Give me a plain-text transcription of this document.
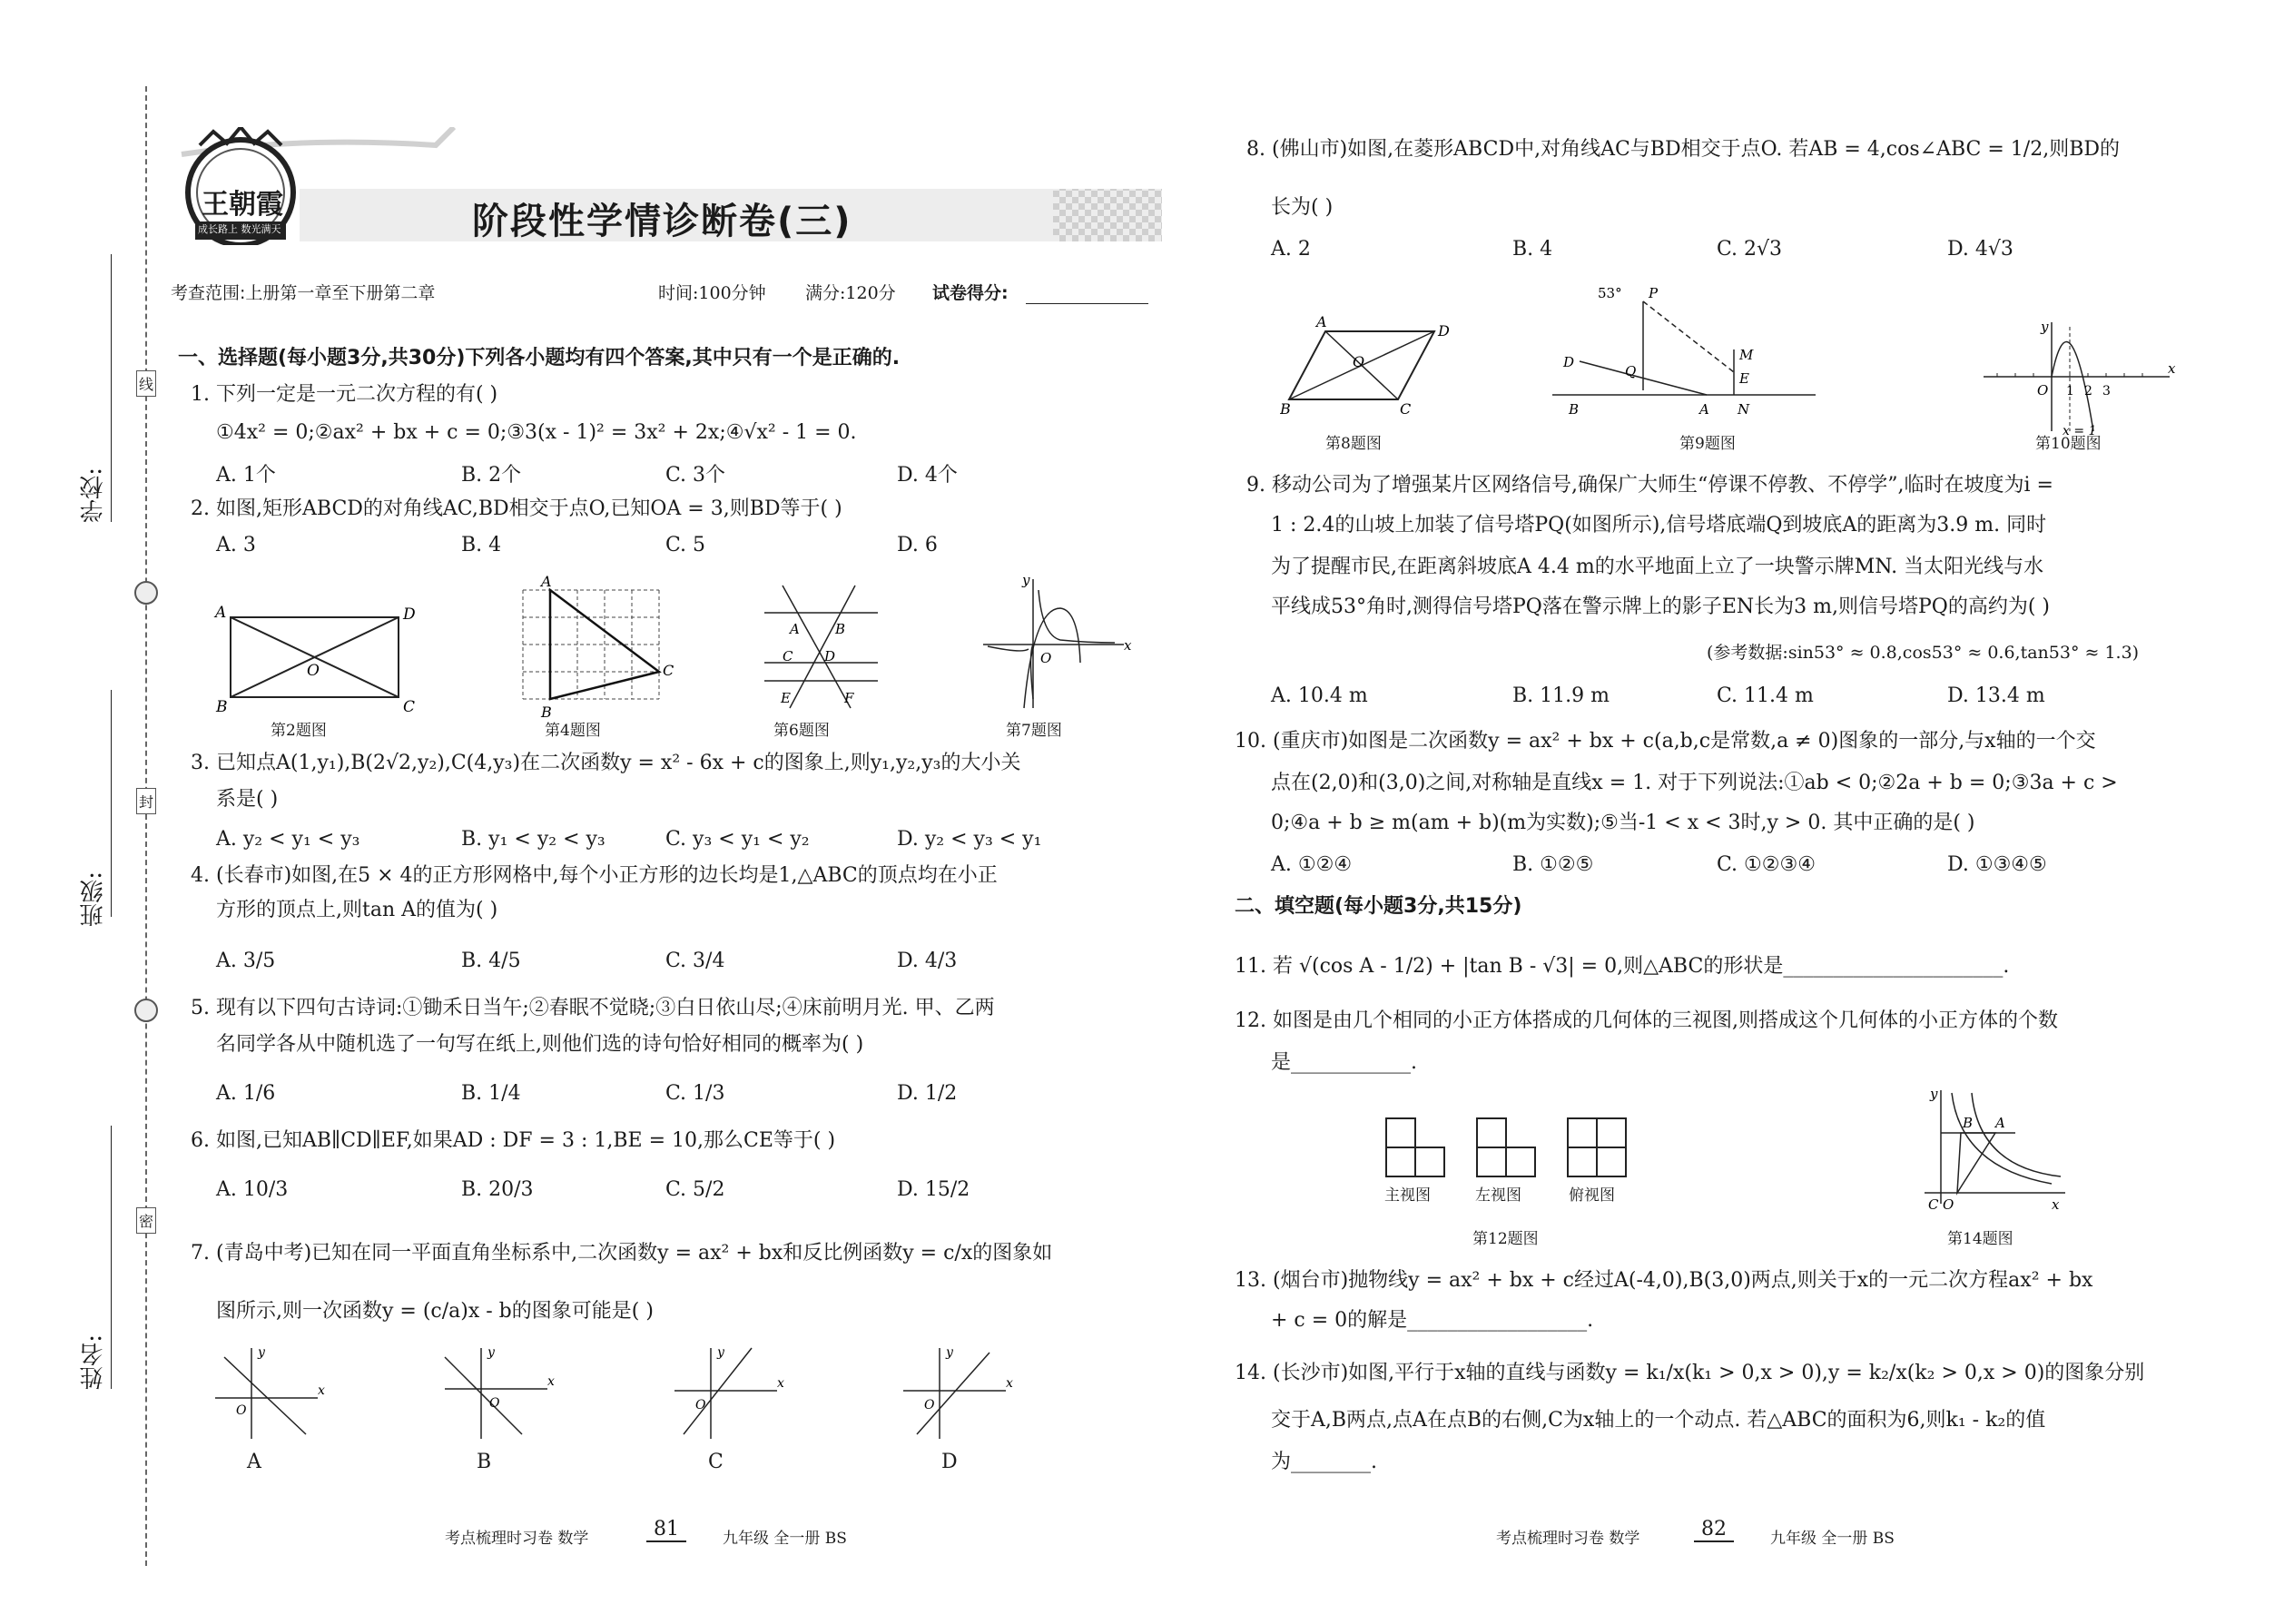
学校:
班级:
姓名:
线
封
密
王朝霞
成长路上 数光满天	阶段性学情诊断卷(三)
考查范围:上册第一章至下册第二章	时间:100分钟 满分:120分 试卷得分:
一、选择题(每小题3分,共30分)下列各小题均有四个答案,其中只有一个是正确的.
1. 下列一定是一元二次方程的有( )
①4x² = 0;②ax² + bx + c = 0;③3(x - 1)² = 3x² + 2x;④√x² - 1 = 0.
A. 1个	B. 2个	C. 3个	D. 4个
2. 如图,矩形ABCD的对角线AC,BD相交于点O,已知OA = 3,则BD等于( )
A. 3	B. 4	C. 5	D. 6
A	D
B	C
O
A
B
C
A	B
C D
E	F
y
x
O
第2题图	第4题图	第6题图	第7题图
3. 已知点A(1,y₁),B(2√2,y₂),C(4,y₃)在二次函数y = x² - 6x + c的图象上,则y₁,y₂,y₃的大小关
系是( )
A. y₂ < y₁ < y₃	B. y₁ < y₂ < y₃	C. y₃ < y₁ < y₂	D. y₂ < y₃ < y₁
4. (长春市)如图,在5 × 4的正方形网格中,每个小正方形的边长均是1,△ABC的顶点均在小正
方形的顶点上,则tan A的值为( )
A. 3/5	B. 4/5	C. 3/4	D. 4/3
5. 现有以下四句古诗词:①锄禾日当午;②春眠不觉晓;③白日依山尽;④床前明月光. 甲、乙两
名同学各从中随机选了一句写在纸上,则他们选的诗句恰好相同的概率为( )
A. 1/6	B. 1/4	C. 1/3	D. 1/2
6. 如图,已知AB∥CD∥EF,如果AD : DF = 3 : 1,BE = 10,那么CE等于( )
A. 10/3	B. 20/3	C. 5/2	D. 15/2
7. (青岛中考)已知在同一平面直角坐标系中,二次函数y = ax² + bx和反比例函数y = c/x的图象如
图所示,则一次函数y = (c/a)x - b的图象可能是( )
y
x
O
y
x
O
y
x
O
y
x
O
A	B	C	D
8. (佛山市)如图,在菱形ABCD中,对角线AC与BD相交于点O. 若AB = 4,cos∠ABC = 1/2,则BD的
长为( )
A. 2	B. 4	C. 2√3	D. 4√3
A
D
O
B	C
53° P
D
Q
M
E
B	A N
y
x
O 1 2 3
x = 1
第8题图	第9题图	第10题图
9. 移动公司为了增强某片区网络信号,确保广大师生“停课不停教、不停学”,临时在坡度为i =
1 : 2.4的山坡上加装了信号塔PQ(如图所示),信号塔底端Q到坡底A的距离为3.9 m. 同时
为了提醒市民,在距离斜坡底A 4.4 m的水平地面上立了一块警示牌MN. 当太阳光线与水
平线成53°角时,测得信号塔PQ落在警示牌上的影子EN长为3 m,则信号塔PQ的高约为( )
(参考数据:sin53° ≈ 0.8,cos53° ≈ 0.6,tan53° ≈ 1.3)
A. 10.4 m	B. 11.9 m	C. 11.4 m	D. 13.4 m
10. (重庆市)如图是二次函数y = ax² + bx + c(a,b,c是常数,a ≠ 0)图象的一部分,与x轴的一个交
点在(2,0)和(3,0)之间,对称轴是直线x = 1. 对于下列说法:①ab < 0;②2a + b = 0;③3a + c >
0;④a + b ≥ m(am + b)(m为实数);⑤当-1 < x < 3时,y > 0. 其中正确的是( )
A. ①②④	B. ①②⑤	C. ①②③④	D. ①③④⑤
二、填空题(每小题3分,共15分)
11. 若 √(cos A - 1/2) + |tan B - √3| = 0,则△ABC的形状是______________________.
12. 如图是由几个相同的小正方体搭成的几何体的三视图,则搭成这个几何体的小正方体的个数
是____________.
主视图	左视图	俯视图
第12题图
y
B A
C O	x
第14题图
13. (烟台市)抛物线y = ax² + bx + c经过A(-4,0),B(3,0)两点,则关于x的一元二次方程ax² + bx
+ c = 0的解是__________________.
14. (长沙市)如图,平行于x轴的直线与函数y = k₁/x(k₁ > 0,x > 0),y = k₂/x(k₂ > 0,x > 0)的图象分别
交于A,B两点,点A在点B的右侧,C为x轴上的一个动点. 若△ABC的面积为6,则k₁ - k₂的值
为________.
考点梳理时习卷 数学	81	九年级 全一册 BS	考点梳理时习卷 数学	82	九年级 全一册 BS
